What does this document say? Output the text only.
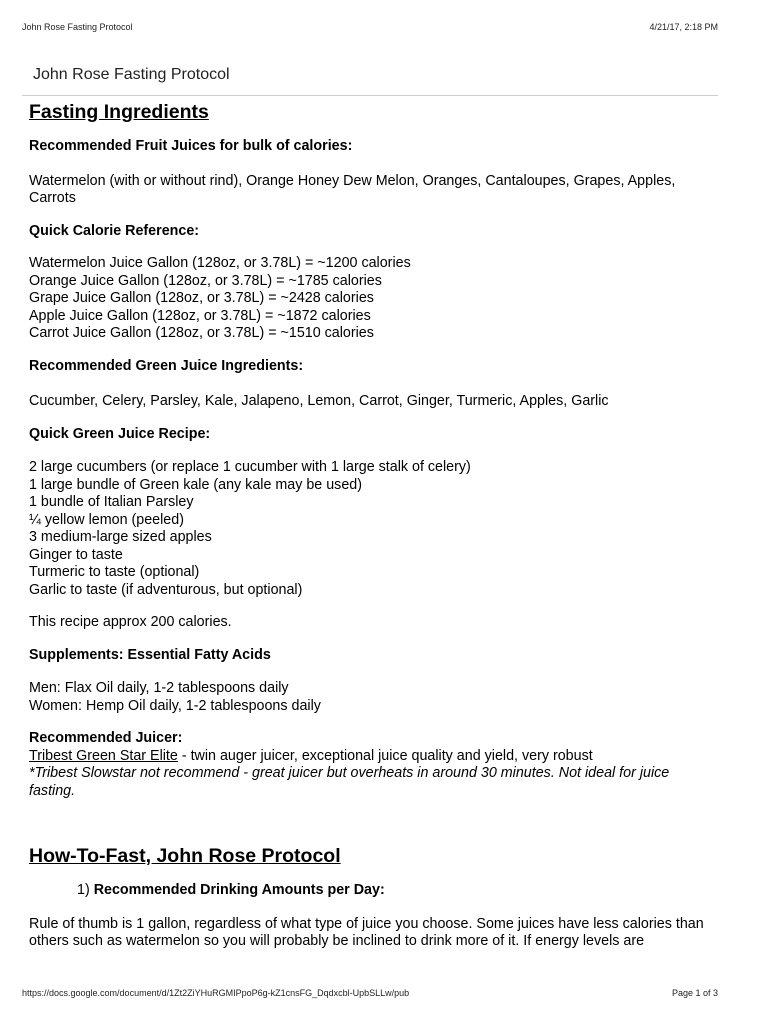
John Rose Fasting Protocol	4/21/17, 2:18 PM
John Rose Fasting Protocol
Fasting Ingredients

Recommended Fruit Juices for bulk of calories:

Watermelon (with or without rind), Orange Honey Dew Melon, Oranges, Cantaloupes, Grapes, Apples, Carrots

Quick Calorie Reference:

Watermelon Juice Gallon (128oz, or 3.78L) = ~1200 calories
Orange Juice Gallon (128oz, or 3.78L) = ~1785 calories
Grape Juice Gallon (128oz, or 3.78L) = ~2428 calories
Apple Juice Gallon (128oz, or 3.78L) = ~1872 calories
Carrot Juice Gallon (128oz, or 3.78L) = ~1510 calories

Recommended Green Juice Ingredients:

Cucumber, Celery, Parsley, Kale, Jalapeno, Lemon, Carrot, Ginger, Turmeric, Apples, Garlic

Quick Green Juice Recipe:

2 large cucumbers (or replace 1 cucumber with 1 large stalk of celery)
1 large bundle of Green kale (any kale may be used)
1 bundle of Italian Parsley
¼ yellow lemon (peeled)
3 medium-large sized apples
Ginger to taste
Turmeric to taste (optional)
Garlic to taste (if adventurous, but optional)

This recipe approx 200 calories.

Supplements: Essential Fatty Acids

Men: Flax Oil daily, 1-2 tablespoons daily
Women: Hemp Oil daily, 1-2 tablespoons daily

Recommended Juicer:

Tribest Green Star Elite - twin auger juicer, exceptional juice quality and yield, very robust

*Tribest Slowstar not recommend - great juicer but overheats in around 30 minutes. Not ideal for juice fasting.

How-To-Fast, John Rose Protocol

1) Recommended Drinking Amounts per Day:

Rule of thumb is 1 gallon, regardless of what type of juice you choose. Some juices have less calories than others such as watermelon so you will probably be inclined to drink more of it. If energy levels are

https://docs.google.com/document/d/1Zt2ZiYHuRGMIPpoP6g-kZ1cnsFG_Dqdxcbl-UpbSLLw/pub	Page 1 of 3
